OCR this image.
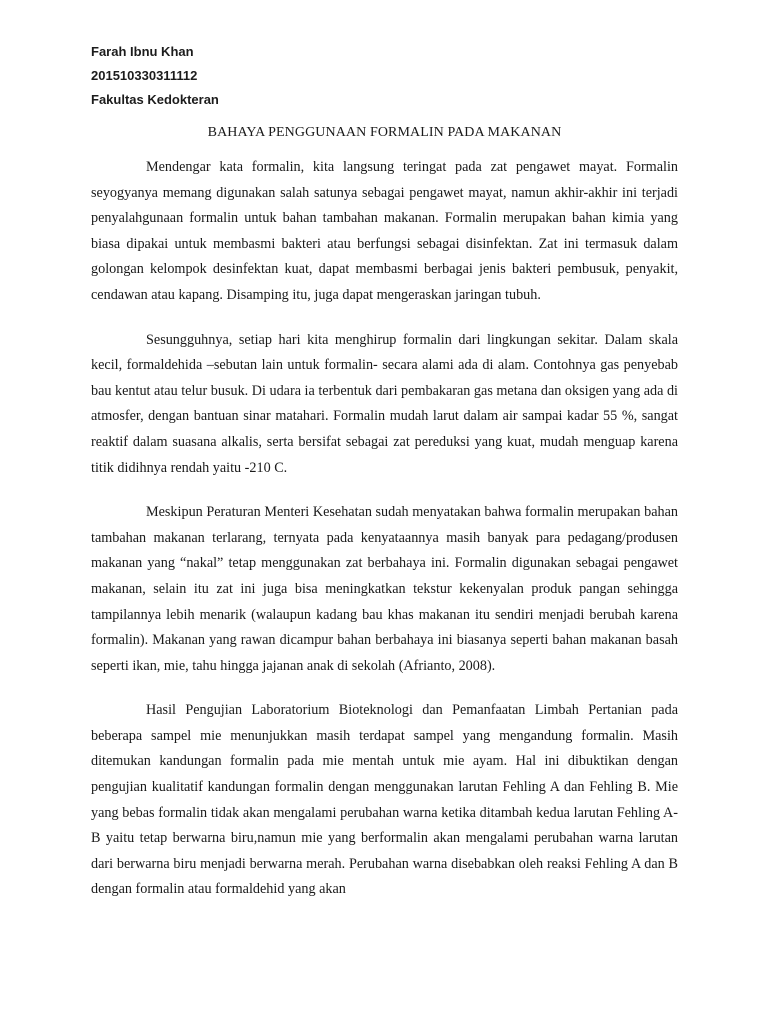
Farah Ibnu Khan
201510330311112
Fakultas Kedokteran
BAHAYA PENGGUNAAN FORMALIN PADA MAKANAN

Mendengar kata formalin, kita langsung teringat pada zat pengawet mayat. Formalin seyogyanya memang digunakan salah satunya sebagai pengawet mayat, namun akhir-akhir ini terjadi penyalahgunaan formalin untuk bahan tambahan makanan. Formalin merupakan bahan kimia yang biasa dipakai untuk membasmi bakteri atau berfungsi sebagai disinfektan. Zat ini termasuk dalam golongan kelompok desinfektan kuat, dapat membasmi berbagai jenis bakteri pembusuk, penyakit, cendawan atau kapang. Disamping itu, juga dapat mengeraskan jaringan tubuh.

Sesungguhnya, setiap hari kita menghirup formalin dari lingkungan sekitar. Dalam skala kecil, formaldehida –sebutan lain untuk formalin- secara alami ada di alam. Contohnya gas penyebab bau kentut atau telur busuk. Di udara ia terbentuk dari pembakaran gas metana dan oksigen yang ada di atmosfer, dengan bantuan sinar matahari. Formalin mudah larut dalam air sampai kadar 55 %, sangat reaktif dalam suasana alkalis, serta bersifat sebagai zat pereduksi yang kuat, mudah menguap karena titik didihnya rendah yaitu -210 C.

Meskipun Peraturan Menteri Kesehatan sudah menyatakan bahwa formalin merupakan bahan tambahan makanan terlarang, ternyata pada kenyataannya masih banyak para pedagang/produsen makanan yang “nakal” tetap menggunakan zat berbahaya ini. Formalin digunakan sebagai pengawet makanan, selain itu zat ini juga bisa meningkatkan tekstur kekenyalan produk pangan sehingga tampilannya lebih menarik (walaupun kadang bau khas makanan itu sendiri menjadi berubah karena formalin). Makanan yang rawan dicampur bahan berbahaya ini biasanya seperti bahan makanan basah seperti ikan, mie, tahu hingga jajanan anak di sekolah (Afrianto, 2008).

Hasil Pengujian Laboratorium Bioteknologi dan Pemanfaatan Limbah Pertanian pada beberapa sampel mie menunjukkan masih terdapat sampel yang mengandung formalin. Masih ditemukan kandungan formalin pada mie mentah untuk mie ayam. Hal ini dibuktikan dengan pengujian kualitatif kandungan formalin dengan menggunakan larutan Fehling A dan Fehling B. Mie yang bebas formalin tidak akan mengalami perubahan warna ketika ditambah kedua larutan Fehling A-B yaitu tetap berwarna biru,namun mie yang berformalin akan mengalami perubahan warna larutan dari berwarna biru menjadi berwarna merah. Perubahan warna disebabkan oleh reaksi Fehling A dan B dengan formalin atau formaldehid yang akan
